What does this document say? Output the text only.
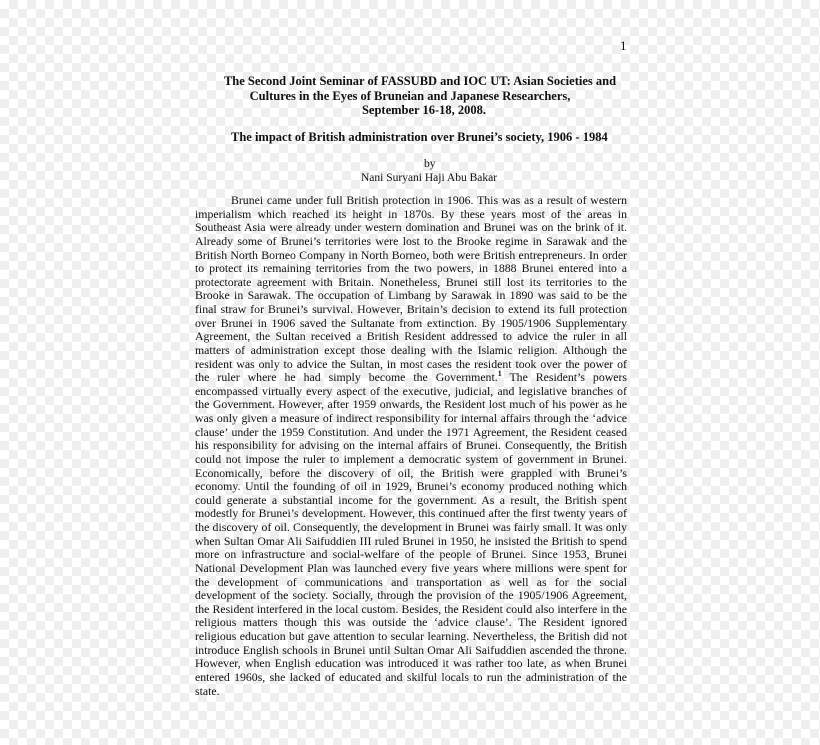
1
The Second Joint Seminar of FASSUBD and IOC UT: Asian Societies and
Cultures in the Eyes of Bruneian and Japanese Researchers,
September 16-18, 2008.
The impact of British administration over Brunei’s society, 1906 - 1984
by
Nani Suryani Haji Abu Bakar

Brunei came under full British protection in 1906. This was as a result of western imperialism which reached its height in 1870s. By these years most of the areas in Southeast Asia were already under western domination and Brunei was on the brink of it. Already some of Brunei’s territories were lost to the Brooke regime in Sarawak and the British North Borneo Company in North Borneo, both were British entrepreneurs. In order to protect its remaining territories from the two powers, in 1888 Brunei entered into a protectorate agreement with Britain. Nonetheless, Brunei still lost its territories to the Brooke in Sarawak. The occupation of Limbang by Sarawak in 1890 was said to be the final straw for Brunei’s survival. However, Britain’s decision to extend its full protection over Brunei in 1906 saved the Sultanate from extinction. By 1905/1906 Supplementary Agreement, the Sultan received a British Resident addressed to advice the ruler in all matters of administration except those dealing with the Islamic religion. Although the resident was only to advice the Sultan, in most cases the resident took over the power of the ruler where he had simply become the Government.$^1$ The Resident’s powers encompassed virtually every aspect of the executive, judicial, and legislative branches of the Government. However, after 1959 onwards, the Resident lost much of his power as he was only given a measure of indirect responsibility for internal affairs through the ‘advice clause’ under the 1959 Constitution. And under the 1971 Agreement, the Resident ceased his responsibility for advising on the internal affairs of Brunei. Consequently, the British could not impose the ruler to implement a democratic system of government in Brunei. Economically, before the discovery of oil, the British were grappled with Brunei’s economy. Until the founding of oil in 1929, Brunei’s economy produced nothing which could generate a substantial income for the government. As a result, the British spent modestly for Brunei’s development. However, this continued after the first twenty years of the discovery of oil. Consequently, the development in Brunei was fairly small. It was only when Sultan Omar Ali Saifuddien III ruled Brunei in 1950, he insisted the British to spend more on infrastructure and social-welfare of the people of Brunei. Since 1953, Brunei National Development Plan was launched every five years where millions were spent for the development of communications and transportation as well as for the social development of the society. Socially, through the provision of the 1905/1906 Agreement, the Resident interfered in the local custom. Besides, the Resident could also interfere in the religious matters though this was outside the ‘advice clause’. The Resident ignored religious education but gave attention to secular learning. Nevertheless, the British did not introduce English schools in Brunei until Sultan Omar Ali Saifuddien ascended the throne. However, when English education was introduced it was rather too late, as when Brunei entered 1960s, she lacked of educated and skilful locals to run the administration of the state.
